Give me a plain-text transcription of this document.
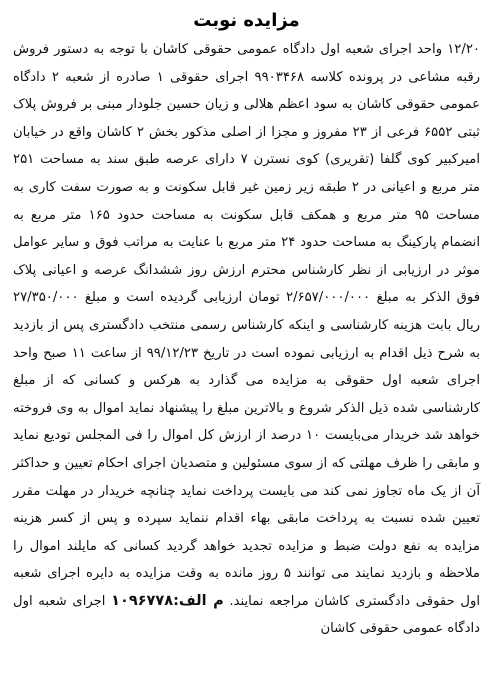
مزایده نوبت

۱۲/۲۰ واحد اجرای شعبه اول دادگاه عمومی حقوقی کاشان با توجه به دستور فروش رقبه مشاعی در پرونده کلاسه ۹۹۰۳۴۶۸ اجرای حقوقی ۱ صادره از شعبه ۲ دادگاه عمومی حقوقی کاشان به سود اعظم هلالی و زیان حسین جلودار مبنی بر فروش پلاک ثبتی ۶۵۵۲ فرعی از ۲۳ مفروز و مجزا از اصلی مذکور بخش ۲ کاشان واقع در خیابان امیرکبیر کوی گلفا (تقریری) کوی نسترن ۷ دارای عرصه طبق سند به مساحت ۲۵۱ متر مربع و اعیانی در ۲ طبقه زیر زمین غیر قابل سکونت و به صورت سفت کاری به مساحت ۹۵ متر مربع و همکف قابل سکونت به مساحت حدود ۱۶۵ متر مربع به انضمام پارکینگ به مساحت حدود ۲۴ متر مربع با عنایت به مراتب فوق و سایر عوامل موثر در ارزیابی از نظر کارشناس محترم ارزش روز ششدانگ عرصه و اعیانی پلاک فوق الذکر به مبلغ ۲/۶۵۷/۰۰۰/۰۰۰ تومان ارزیابی گردیده است و مبلغ ۲۷/۳۵۰/۰۰۰ ریال بابت هزینه کارشناسی و اینکه کارشناس رسمی منتخب دادگستری پس از بازدید به شرح ذیل اقدام به ارزیابی نموده است در تاریخ ۹۹/۱۲/۲۳ از ساعت ۱۱ صبح واحد اجرای شعبه اول حقوقی به مزایده می گذارد به هرکس و کسانی که از مبلغ کارشناسی شده ذیل الذکر شروع و بالاترین مبلغ را پیشنهاد نماید اموال به وی فروخته خواهد شد خریدار می‌بایست ۱۰ درصد از ارزش کل اموال را فی المجلس تودیع نماید و مابقی را ظرف مهلتی که از سوی مسئولین و متصدیان اجرای احکام تعیین و حداکثر آن از یک ماه تجاوز نمی کند می بایست پرداخت نماید چنانچه خریدار در مهلت مقرر تعیین شده نسبت به پرداخت مابقی بهاء اقدام ننماید سپرده و پس از کسر هزینه مزایده به نفع دولت ضبط و مزایده تجدید خواهد گردید کسانی که مایلند اموال را ملاحظه و بازدید نمایند می توانند ۵ روز مانده به وقت مزایده به دایره اجرای شعبه اول حقوقی دادگستری کاشان مراجعه نمایند. م الف:۱۰۹۶۷۷۸ اجرای شعبه اول دادگاه عمومی حقوقی کاشان
